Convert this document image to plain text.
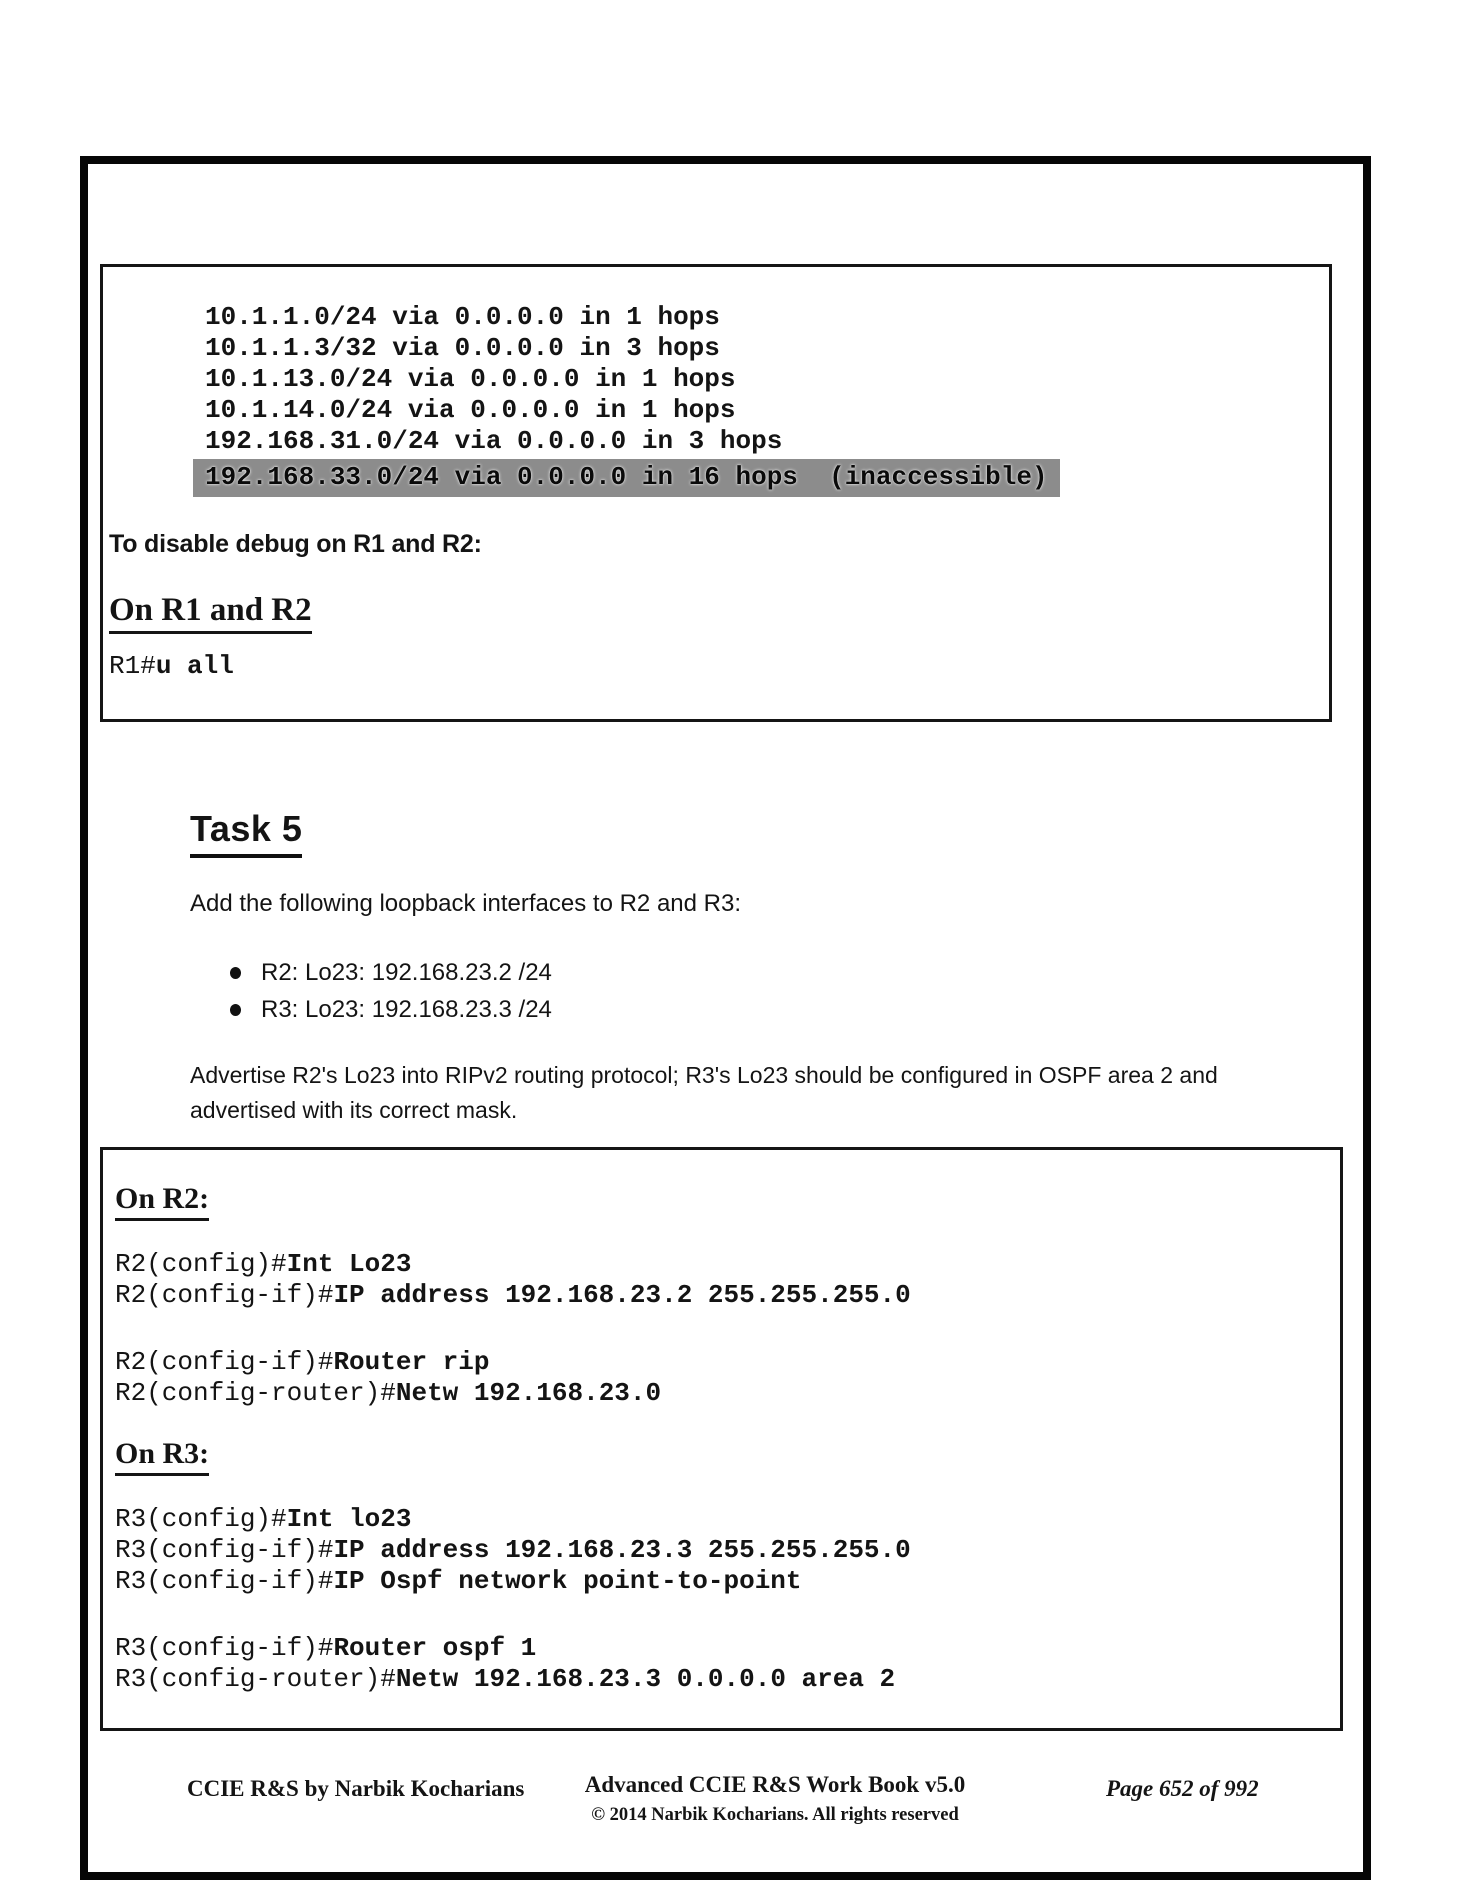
10.1.1.0/24 via 0.0.0.0 in 1 hops
10.1.1.3/32 via 0.0.0.0 in 3 hops
10.1.13.0/24 via 0.0.0.0 in 1 hops
10.1.14.0/24 via 0.0.0.0 in 1 hops
192.168.31.0/24 via 0.0.0.0 in 3 hops
192.168.33.0/24 via 0.0.0.0 in 16 hops  (inaccessible)

To disable debug on R1 and R2:

On R1 and R2
R1#u all
Task 5

Add the following loopback interfaces to R2 and R3:

R2: Lo23: 192.168.23.2 /24
R3: Lo23: 192.168.23.3 /24

Advertise R2's Lo23 into RIPv2 routing protocol; R3's Lo23 should be configured in OSPF area 2 and advertised with its correct mask.

On R2:
R2(config)#Int Lo23
R2(config-if)#IP address 192.168.23.2 255.255.255.0
R2(config-if)#Router rip
R2(config-router)#Netw 192.168.23.0
On R3:
R3(config)#Int lo23
R3(config-if)#IP address 192.168.23.3 255.255.255.0
R3(config-if)#IP Ospf network point-to-point
R3(config-if)#Router ospf 1
R3(config-router)#Netw 192.168.23.3 0.0.0.0 area 2
CCIE R&S by Narbik Kocharians	Advanced CCIE R&S Work Book v5.0
© 2014 Narbik Kocharians. All rights reserved
Page 652 of 992
